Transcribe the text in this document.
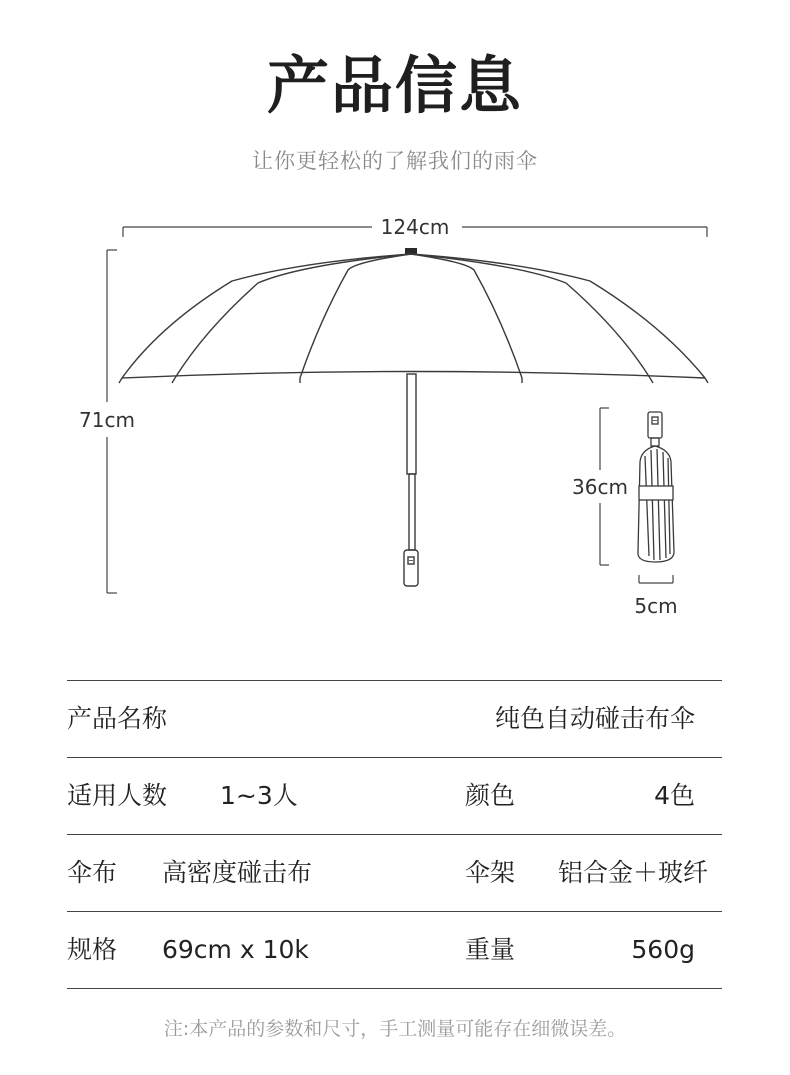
产品信息
让你更轻松的了解我们的雨伞
124cm
71cm
36cm
5cm
产品名称	纯色自动碰击布伞
适用人数 1~3人	颜色	4色
伞布 高密度碰击布	伞架 铝合金＋玻纤
规格 69cm x 10k	重量	560g
注:本产品的参数和尺寸，手工测量可能存在细微误差。
